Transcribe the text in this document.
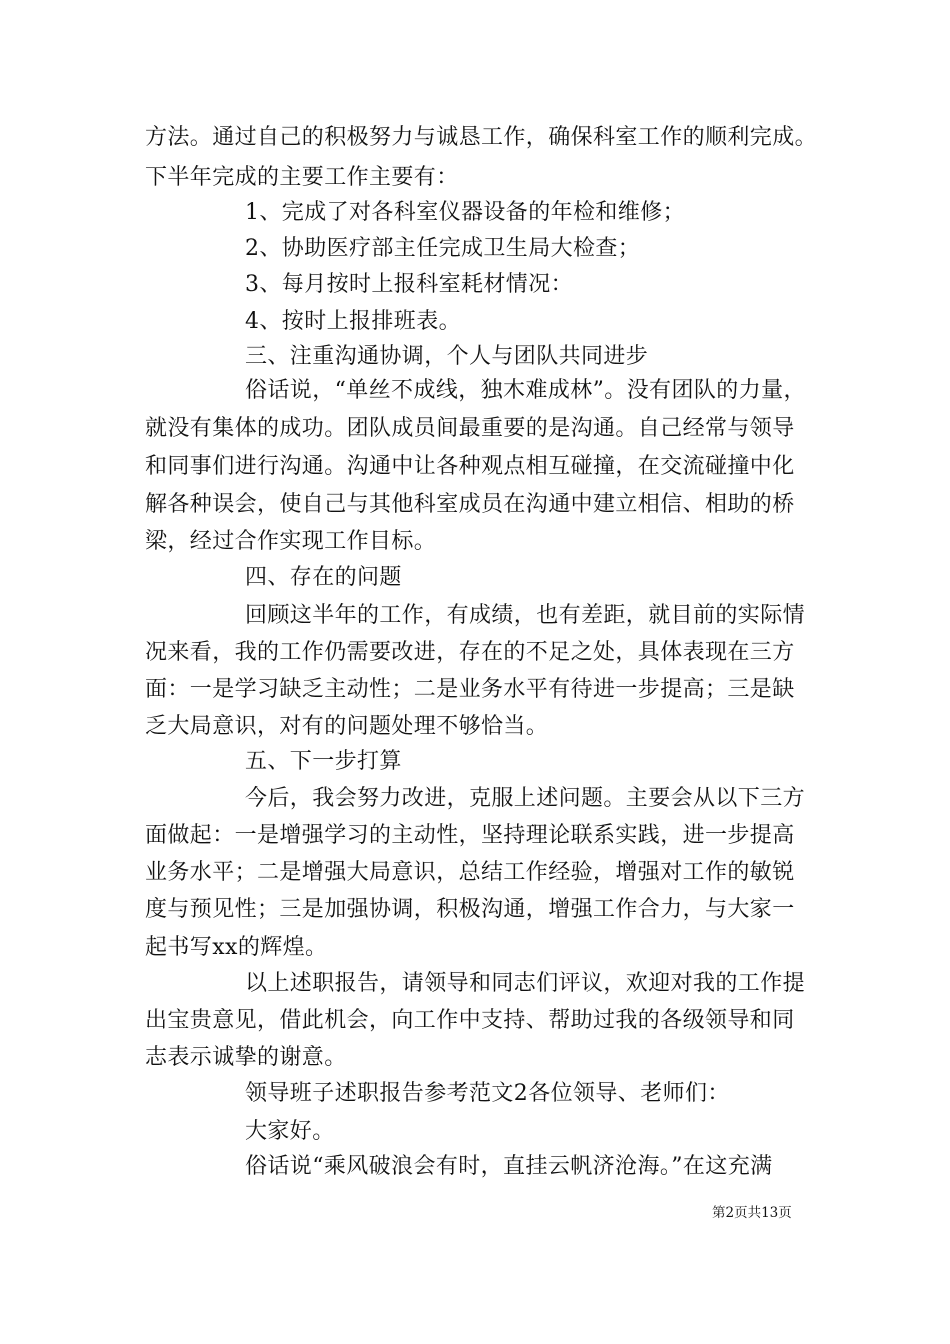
方法。通过自己的积极努力与诚恳工作，确保科室工作的顺利完成。
下半年完成的主要工作主要有：
1、完成了对各科室仪器设备的年检和维修；
2、协助医疗部主任完成卫生局大检查；
3、每月按时上报科室耗材情况：
4、按时上报排班表。
三、注重沟通协调，个人与团队共同进步
俗话说，“单丝不成线，独木难成林”。没有团队的力量，
就没有集体的成功。团队成员间最重要的是沟通。自己经常与领导
和同事们进行沟通。沟通中让各种观点相互碰撞，在交流碰撞中化
解各种误会，使自己与其他科室成员在沟通中建立相信、相助的桥
梁，经过合作实现工作目标。
四、存在的问题
回顾这半年的工作，有成绩，也有差距，就目前的实际情
况来看，我的工作仍需要改进，存在的不足之处，具体表现在三方
面：一是学习缺乏主动性；二是业务水平有待进一步提高；三是缺
乏大局意识，对有的问题处理不够恰当。
五、下一步打算
今后，我会努力改进，克服上述问题。主要会从以下三方
面做起：一是增强学习的主动性，坚持理论联系实践，进一步提高
业务水平；二是增强大局意识，总结工作经验，增强对工作的敏锐
度与预见性；三是加强协调，积极沟通，增强工作合力，与大家一
起书写xx的辉煌。
以上述职报告，请领导和同志们评议，欢迎对我的工作提
出宝贵意见，借此机会，向工作中支持、帮助过我的各级领导和同
志表示诚挚的谢意。
领导班子述职报告参考范文2各位领导、老师们：
大家好。
俗话说“乘风破浪会有时，直挂云帆济沧海。”在这充满
第2页共13页
